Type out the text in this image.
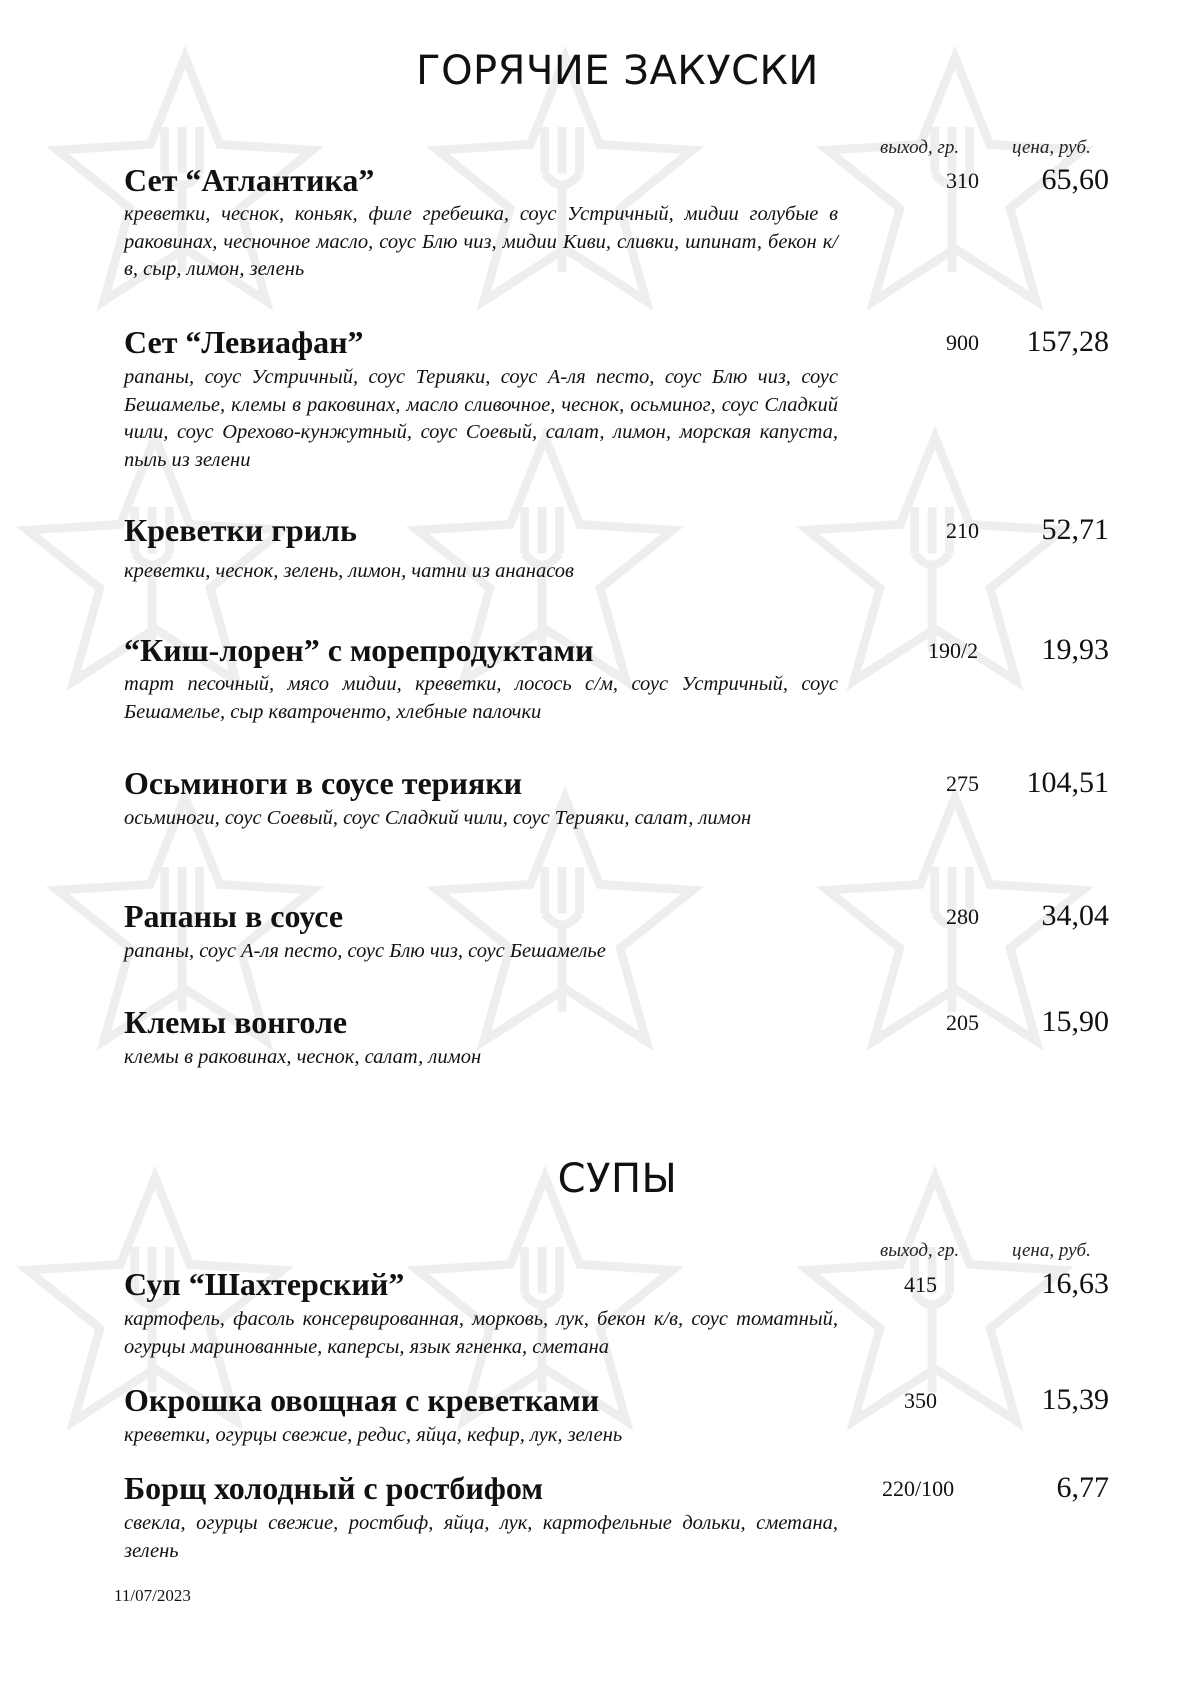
ГОРЯЧИЕ ЗАКУСКИ
выход, гр.	цена, руб.
Сет “Атлантика”	310 65,60
креветки, чеснок, коньяк, филе гребешка, соус Устричный, мидии голубые в раковинах, чесночное масло, соус Блю чиз, мидии Киви, сливки, шпинат, бекон к/в, сыр, лимон, зелень
Сет “Левиафан”	900 157,28
рапаны, соус Устричный, соус Терияки, соус А-ля песто, соус Блю чиз, соус Бешамелье, клемы в раковинах, масло сливочное, чеснок, осьминог, соус Сладкий чили, соус Орехово-кунжутный, соус Соевый, салат, лимон, морская капуста, пыль из зелени
Креветки гриль	210 52,71
креветки, чеснок, зелень, лимон, чатни из ананасов
“Киш-лорен” с морепродуктами	190/2 19,93
тарт песочный, мясо мидии, креветки, лосось с/м, соус Устричный, соус Бешамелье, сыр кватроченто, хлебные палочки
Осьминоги в соусе терияки	275 104,51
осьминоги, соус Соевый, соус Сладкий чили, соус Терияки, салат, лимон
Рапаны в соусе	280 34,04
рапаны, соус А-ля песто, соус Блю чиз, соус Бешамелье
Клемы вонголе	205 15,90
клемы в раковинах, чеснок, салат, лимон
СУПЫ
выход, гр.	цена, руб.
Суп “Шахтерский”	415	16,63
картофель, фасоль консервированная, морковь, лук, бекон к/в, соус томатный, огурцы маринованные, каперсы, язык ягненка, сметана
Окрошка овощная с креветками	350	15,39
креветки, огурцы свежие, редис, яйца, кефир, лук, зелень
Борщ холодный с ростбифом	220/100	6,77
свекла, огурцы свежие, ростбиф, яйца, лук, картофельные дольки, сметана, зелень
11/07/2023
